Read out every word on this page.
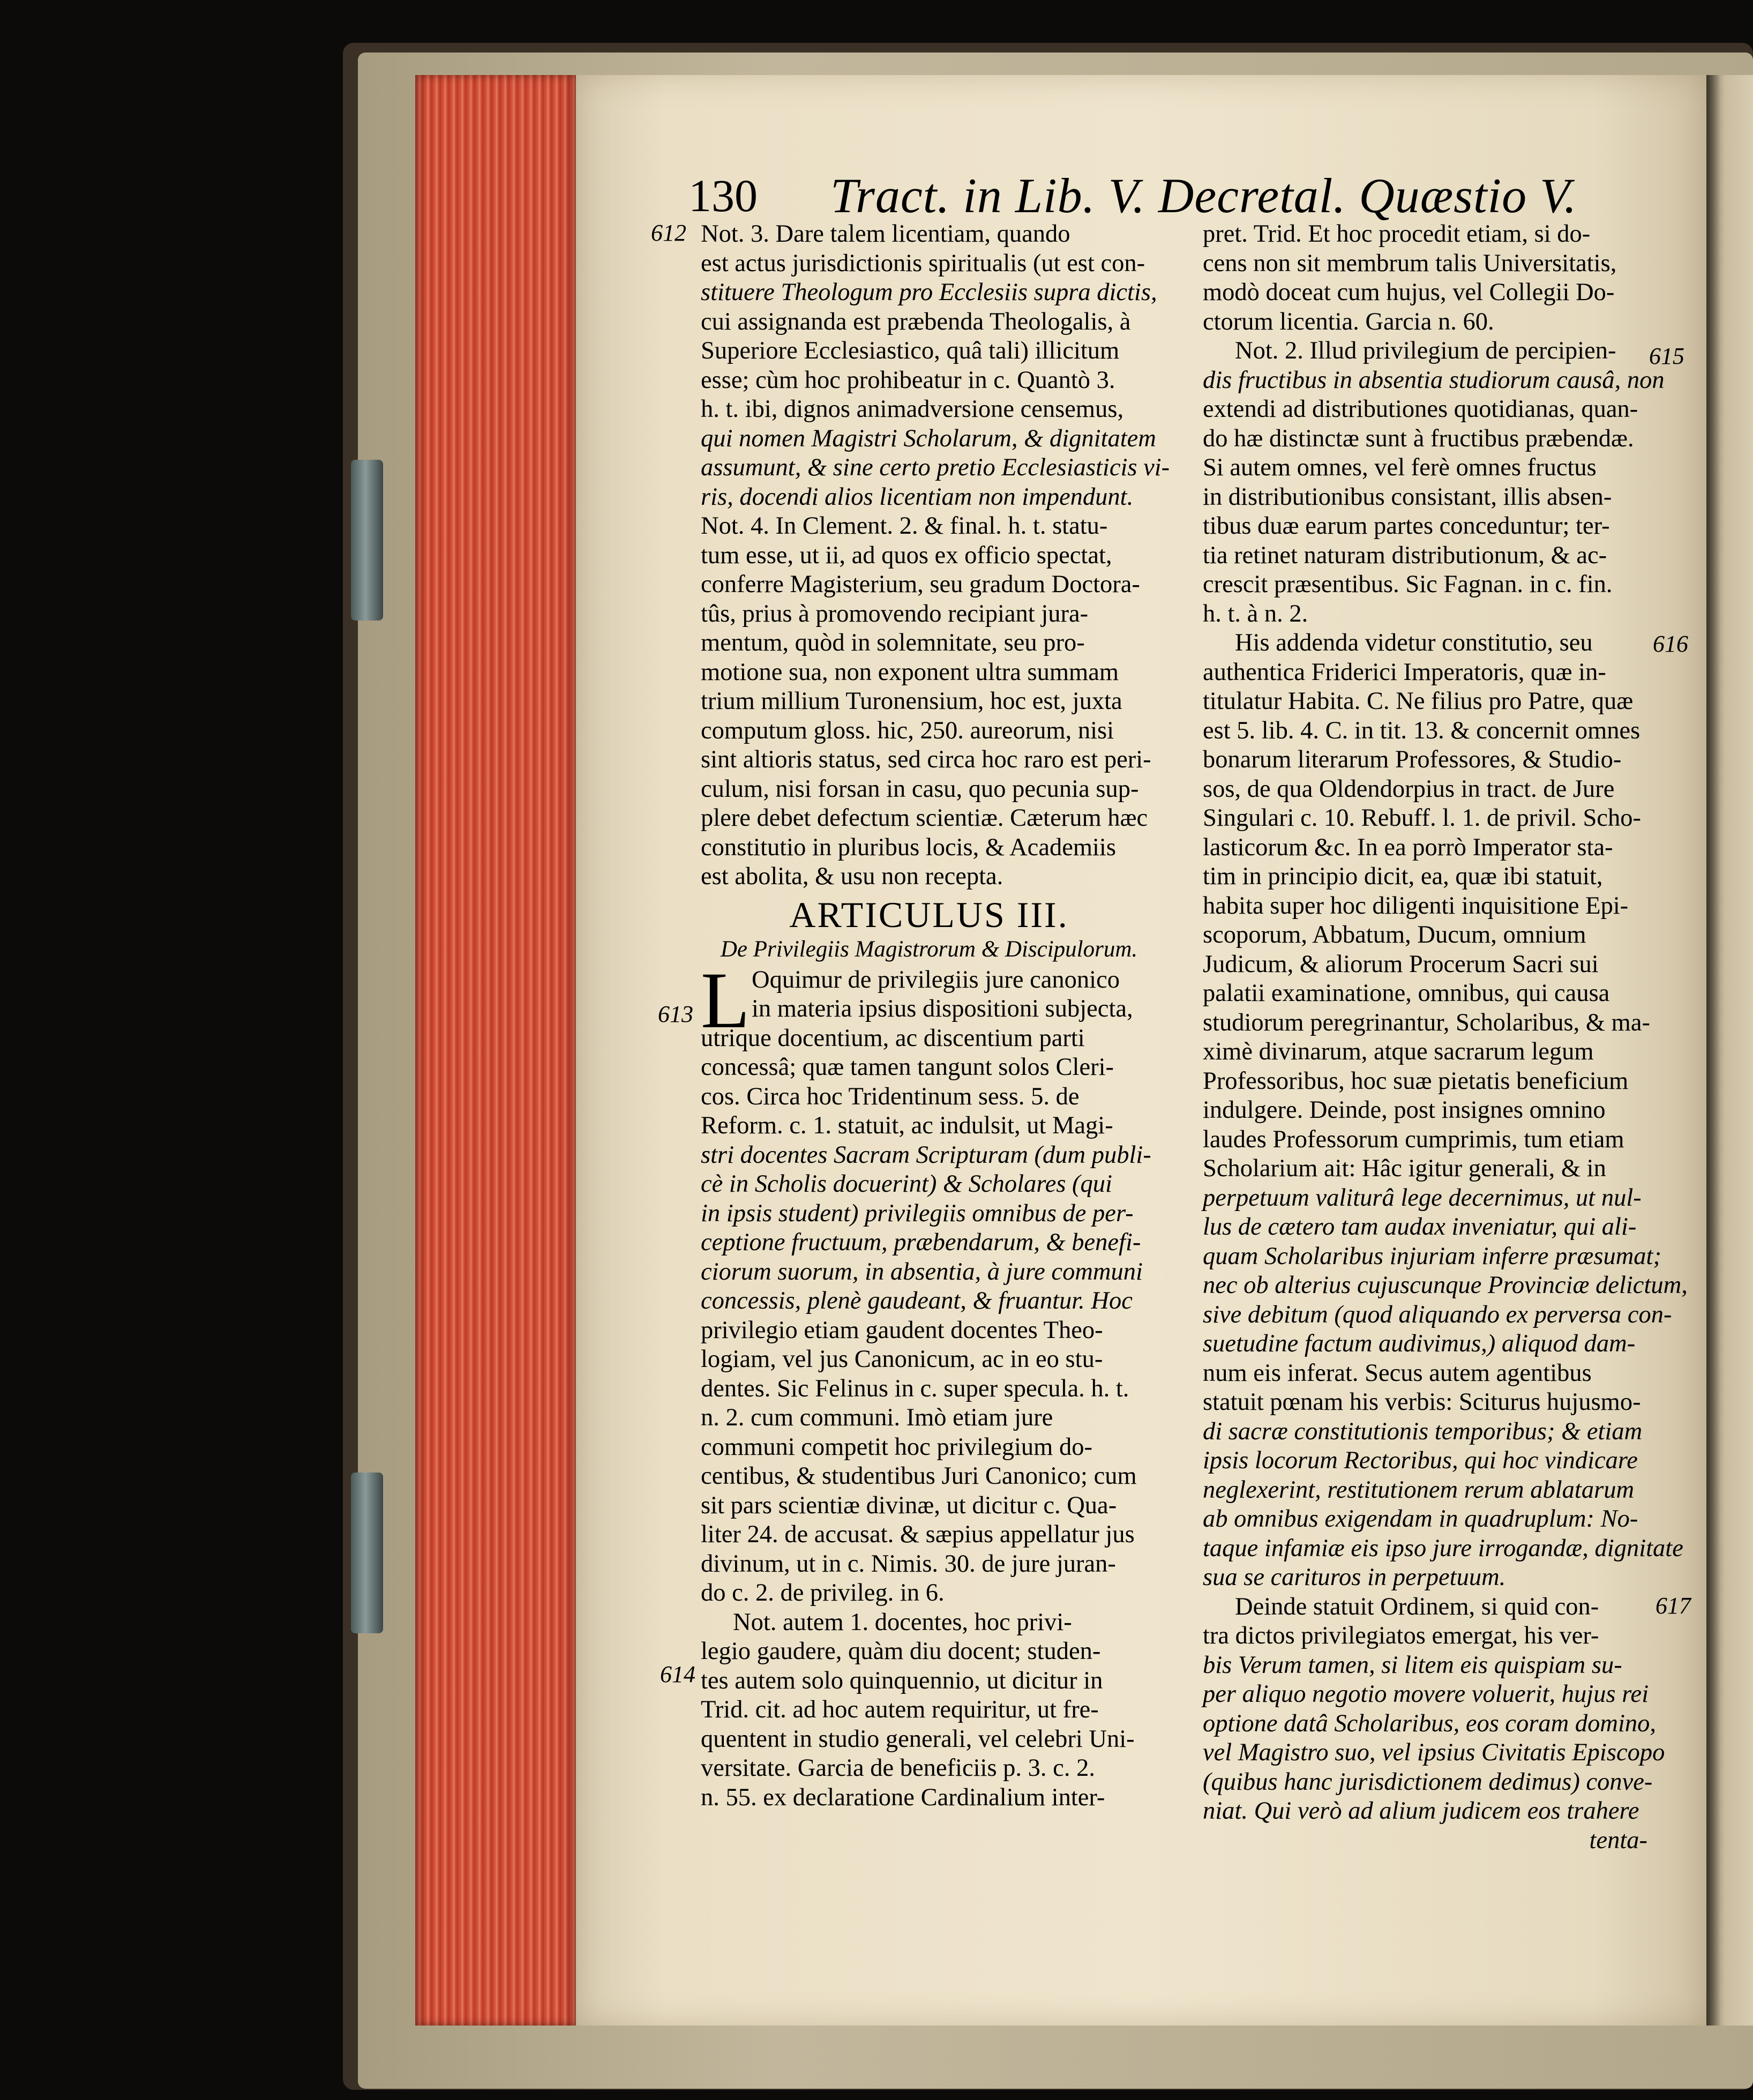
130 Tract. in Lib. V. Decretal. Quæstio V.
612
613
614
615
616
617
Not. 3. Dare talem licentiam, quando
est actus jurisdictionis spiritualis (ut est con-
stituere Theologum pro Ecclesiis supra dictis,
cui assignanda est præbenda Theologalis, à
Superiore Ecclesiastico, quâ tali) illicitum
esse; cùm hoc prohibeatur in c. Quantò 3.
h. t. ibi, dignos animadversione censemus,
qui nomen Magistri Scholarum, & dignitatem
assumunt, & sine certo pretio Ecclesiasticis vi-
ris, docendi alios licentiam non impendunt.
Not. 4. In Clement. 2. & final. h. t. statu-
tum esse, ut ii, ad quos ex officio spectat,
conferre Magisterium, seu gradum Doctora-
tûs, prius à promovendo recipiant jura-
mentum, quòd in solemnitate, seu pro-
motione sua, non exponent ultra summam
trium millium Turonensium, hoc est, juxta
computum gloss. hic, 250. aureorum, nisi
sint altioris status, sed circa hoc raro est peri-
culum, nisi forsan in casu, quo pecunia sup-
plere debet defectum scientiæ. Cæterum hæc
constitutio in pluribus locis, & Academiis
est abolita, & usu non recepta.
ARTICULUS III.
De Privilegiis Magistrorum & Discipulorum.
L Oquimur de privilegiis jure canonico
in materia ipsius dispositioni subjecta,
utrique docentium, ac discentium parti
concessâ; quæ tamen tangunt solos Cleri-
cos. Circa hoc Tridentinum sess. 5. de
Reform. c. 1. statuit, ac indulsit, ut Magi-
stri docentes Sacram Scripturam (dum publi-
cè in Scholis docuerint) & Scholares (qui
in ipsis student) privilegiis omnibus de per-
ceptione fructuum, præbendarum, & benefi-
ciorum suorum, in absentia, à jure communi
concessis, plenè gaudeant, & fruantur. Hoc
privilegio etiam gaudent docentes Theo-
logiam, vel jus Canonicum, ac in eo stu-
dentes. Sic Felinus in c. super specula. h. t.
n. 2. cum communi. Imò etiam jure
communi competit hoc privilegium do-
centibus, & studentibus Juri Canonico; cum
sit pars scientiæ divinæ, ut dicitur c. Qua-
liter 24. de accusat. & sæpius appellatur jus
divinum, ut in c. Nimis. 30. de jure juran-
do c. 2. de privileg. in 6.
Not. autem 1. docentes, hoc privi-
legio gaudere, quàm diu docent; studen-
tes autem solo quinquennio, ut dicitur in
Trid. cit. ad hoc autem requiritur, ut fre-
quentent in studio generali, vel celebri Uni-
versitate. Garcia de beneficiis p. 3. c. 2.
n. 55. ex declaratione Cardinalium inter-
pret. Trid. Et hoc procedit etiam, si do-
cens non sit membrum talis Universitatis,
modò doceat cum hujus, vel Collegii Do-
ctorum licentia. Garcia n. 60.
Not. 2. Illud privilegium de percipien-
dis fructibus in absentia studiorum causâ, non
extendi ad distributiones quotidianas, quan-
do hæ distinctæ sunt à fructibus præbendæ.
Si autem omnes, vel ferè omnes fructus
in distributionibus consistant, illis absen-
tibus duæ earum partes conceduntur; ter-
tia retinet naturam distributionum, & ac-
crescit præsentibus. Sic Fagnan. in c. fin.
h. t. à n. 2.
His addenda videtur constitutio, seu
authentica Friderici Imperatoris, quæ in-
titulatur Habita. C. Ne filius pro Patre, quæ
est 5. lib. 4. C. in tit. 13. & concernit omnes
bonarum literarum Professores, & Studio-
sos, de qua Oldendorpius in tract. de Jure
Singulari c. 10. Rebuff. l. 1. de privil. Scho-
lasticorum &c. In ea porrò Imperator sta-
tim in principio dicit, ea, quæ ibi statuit,
habita super hoc diligenti inquisitione Epi-
scoporum, Abbatum, Ducum, omnium
Judicum, & aliorum Procerum Sacri sui
palatii examinatione, omnibus, qui causa
studiorum peregrinantur, Scholaribus, & ma-
ximè divinarum, atque sacrarum legum
Professoribus, hoc suæ pietatis beneficium
indulgere. Deinde, post insignes omnino
laudes Professorum cumprimis, tum etiam
Scholarium ait: Hâc igitur generali, & in
perpetuum valiturâ lege decernimus, ut nul-
lus de cætero tam audax inveniatur, qui ali-
quam Scholaribus injuriam inferre præsumat;
nec ob alterius cujuscunque Provinciæ delictum,
sive debitum (quod aliquando ex perversa con-
suetudine factum audivimus,) aliquod dam-
num eis inferat. Secus autem agentibus
statuit pœnam his verbis: Sciturus hujusmo-
di sacræ constitutionis temporibus; & etiam
ipsis locorum Rectoribus, qui hoc vindicare
neglexerint, restitutionem rerum ablatarum
ab omnibus exigendam in quadruplum: No-
taque infamiæ eis ipso jure irrogandæ, dignitate
sua se carituros in perpetuum.
Deinde statuit Ordinem, si quid con-
tra dictos privilegiatos emergat, his ver-
bis Verum tamen, si litem eis quispiam su-
per aliquo negotio movere voluerit, hujus rei
optione datâ Scholaribus, eos coram domino,
vel Magistro suo, vel ipsius Civitatis Episcopo
(quibus hanc jurisdictionem dedimus) conve-
niat. Qui verò ad alium judicem eos trahere
tenta-
